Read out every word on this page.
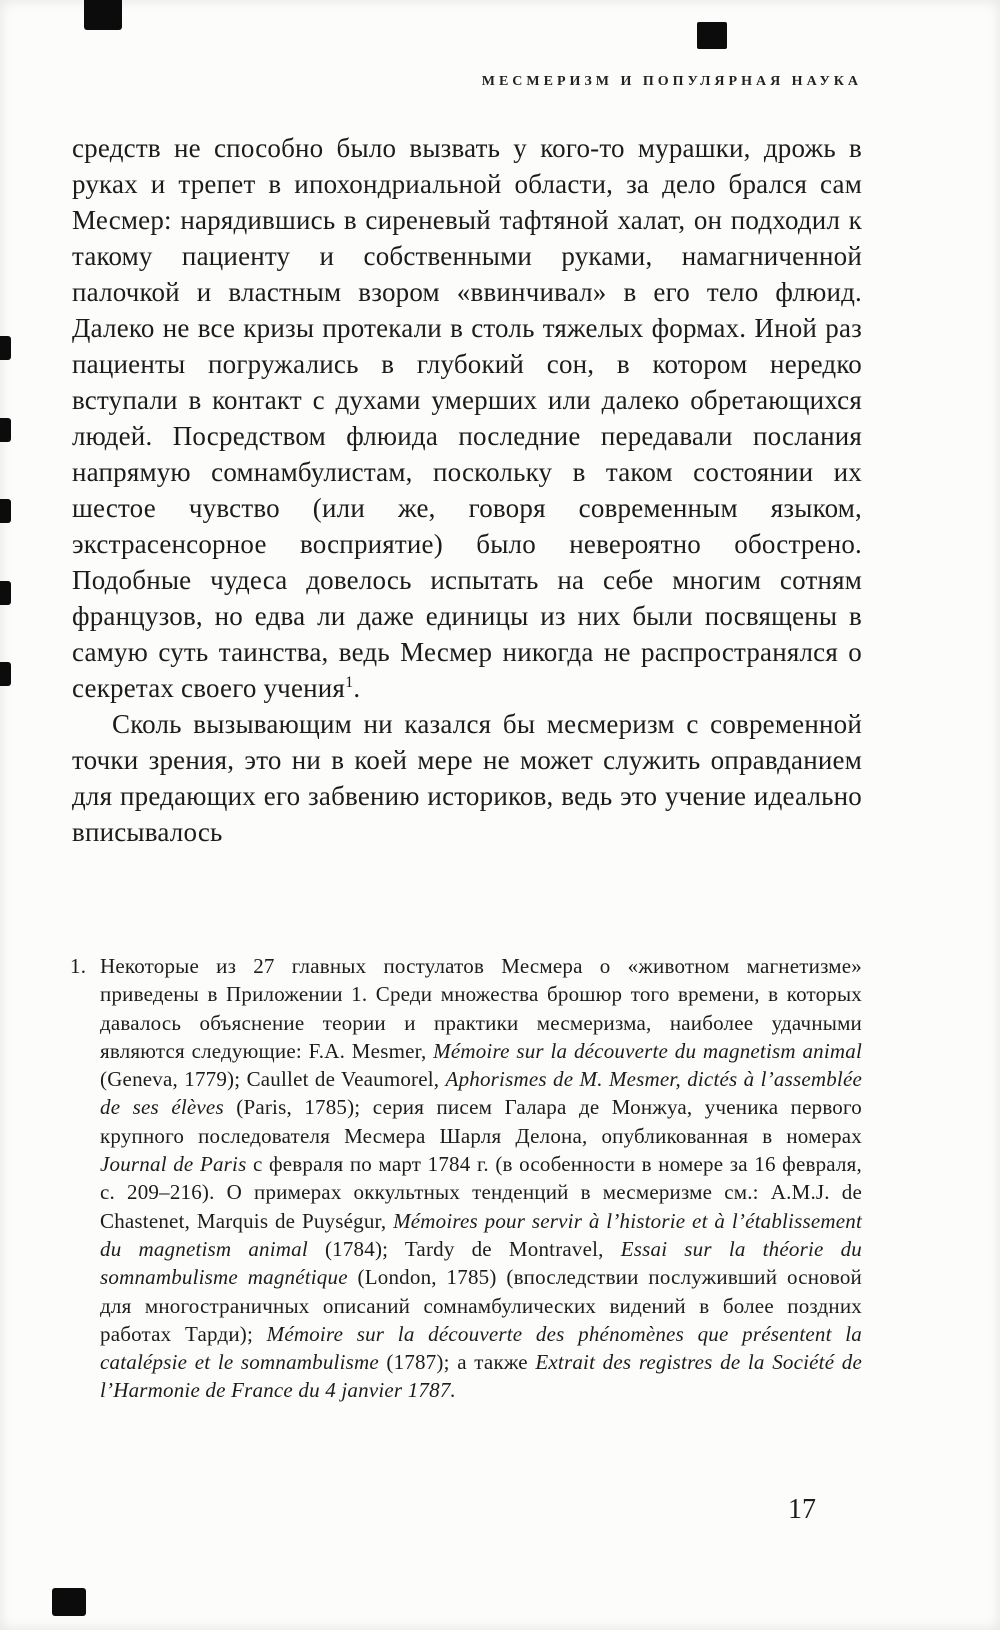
МЕСМЕРИЗМ И ПОПУЛЯРНАЯ НАУКА

средств не способно было вызвать у кого-то мурашки, дрожь в руках и трепет в ипохондриальной области, за дело брался сам Месмер: нарядившись в сиреневый тафтяной халат, он подходил к такому пациенту и собственными руками, намагниченной палочкой и властным взором «ввинчивал» в его тело флюид. Далеко не все кризы протекали в столь тяжелых формах. Иной раз пациенты погружались в глубокий сон, в котором нередко вступали в контакт с духами умерших или далеко обретающихся людей. Посредством флюида последние передавали послания напрямую сомнамбулистам, поскольку в таком состоянии их шестое чувство (или же, говоря современным языком, экстрасенсорное восприятие) было невероятно обострено. Подобные чудеса довелось испытать на себе многим сотням французов, но едва ли даже единицы из них были посвящены в самую суть таинства, ведь Месмер никогда не распространялся о секретах своего учения$^1$.

Сколь вызывающим ни казался бы месмеризм с современной точки зрения, это ни в коей мере не может служить оправданием для предающих его забвению историков, ведь это учение идеально вписывалось

1. Некоторые из 27 главных постулатов Месмера о «животном магнетизме» приведены в Приложении 1. Среди множества брошюр того времени, в которых давалось объяснение теории и практики месмеризма, наиболее удачными являются следующие: F.A. Mesmer, Mémoire sur la découverte du magnetism animal (Geneva, 1779); Caullet de Veaumorel, Aphorismes de M. Mesmer, dictés à l’assemblée de ses élèves (Paris, 1785); серия писем Галара де Монжуа, ученика первого крупного последователя Месмера Шарля Делона, опубликованная в номерах Journal de Paris с февраля по март 1784 г. (в особенности в номере за 16 февраля, с. 209–216). О примерах оккультных тенденций в месмеризме см.: A.M.J. de Chastenet, Marquis de Puységur, Mémoires pour servir à l’historie et à l’établissement du magnetism animal (1784); Tardy de Montravel, Essai sur la théorie du somnambulisme magnétique (London, 1785) (впоследствии послуживший основой для многостраничных описаний сомнамбулических видений в более поздних работах Тарди); Mémoire sur la découverte des phénomènes que présentent la catalépsie et le somnambulisme (1787); а также Extrait des registres de la Société de l’Harmonie de France du 4 janvier 1787.
17
